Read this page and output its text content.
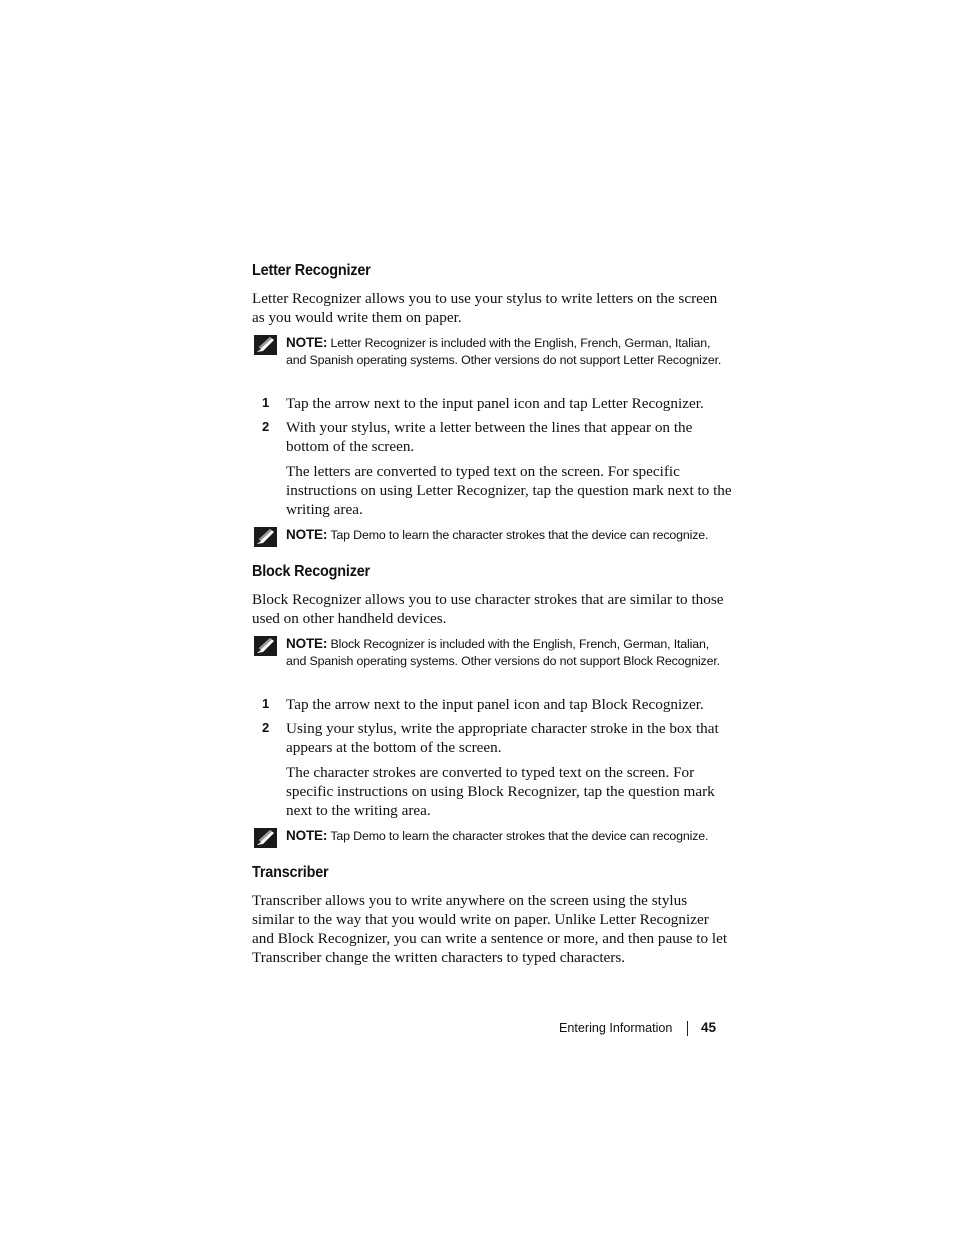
Letter Recognizer

Letter Recognizer allows you to use your stylus to write letters on the screen as you would write them on paper.

NOTE: Letter Recognizer is included with the English, French, German, Italian, and Spanish operating systems. Other versions do not support Letter Recognizer.

1 Tap the arrow next to the input panel icon and tap Letter Recognizer.

2 With your stylus, write a letter between the lines that appear on the bottom of the screen.

The letters are converted to typed text on the screen. For specific instructions on using Letter Recognizer, tap the question mark next to the writing area.

NOTE: Tap Demo to learn the character strokes that the device can recognize.

Block Recognizer

Block Recognizer allows you to use character strokes that are similar to those used on other handheld devices.

NOTE: Block Recognizer is included with the English, French, German, Italian, and Spanish operating systems. Other versions do not support Block Recognizer.

1 Tap the arrow next to the input panel icon and tap Block Recognizer.

2 Using your stylus, write the appropriate character stroke in the box that appears at the bottom of the screen.

The character strokes are converted to typed text on the screen. For specific instructions on using Block Recognizer, tap the question mark next to the writing area.

NOTE: Tap Demo to learn the character strokes that the device can recognize.

Transcriber

Transcriber allows you to write anywhere on the screen using the stylus similar to the way that you would write on paper. Unlike Letter Recognizer and Block Recognizer, you can write a sentence or more, and then pause to let Transcriber change the written characters to typed characters.

Entering Information 45
